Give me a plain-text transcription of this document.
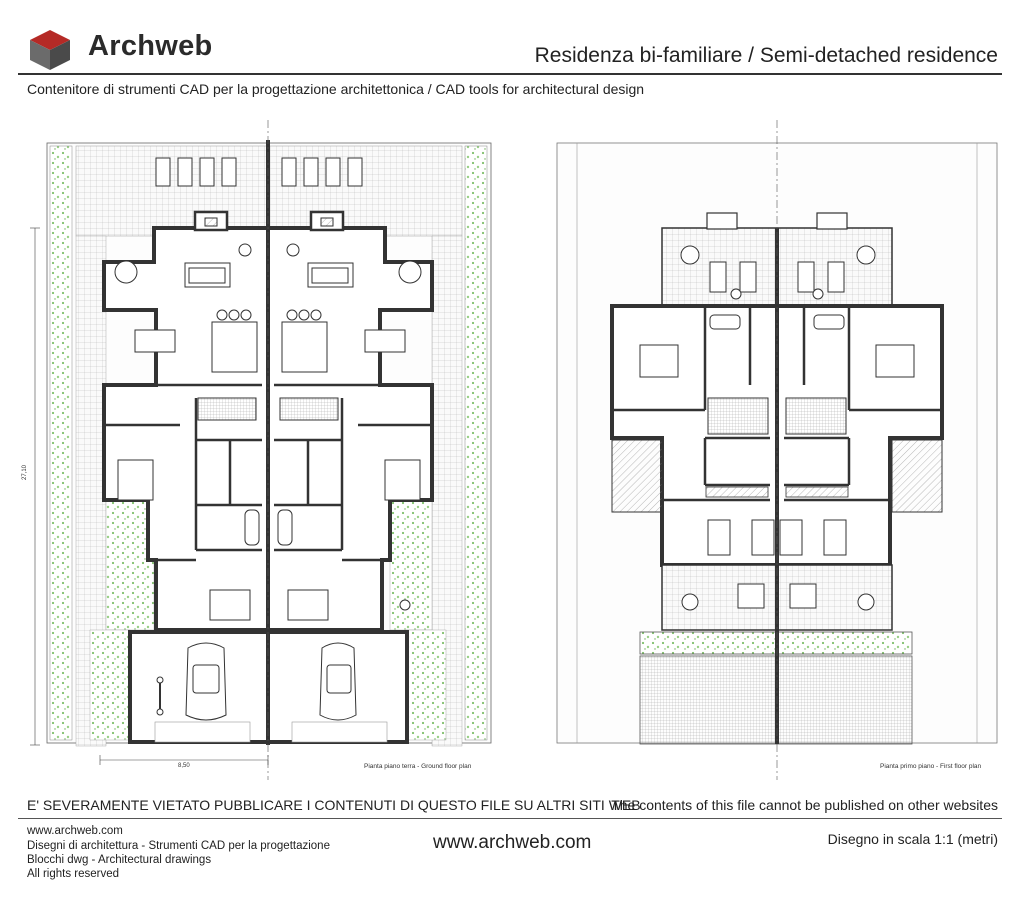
Archweb	Residenza bi-familiare / Semi-detached residence
Contenitore di strumenti CAD per la progettazione architettonica / CAD tools for architectural design
27,10
8,50	Pianta piano terra - Ground floor plan	Pianta primo piano - First floor plan
E' SEVERAMENTE VIETATO PUBBLICARE I CONTENUTI DI QUESTO FILE SU ALTRI SITI WEB
The contents of this file cannot be published on other websites
www.archweb.com
Disegni di architettura - Strumenti CAD per la progettazione
Blocchi dwg - Architectural drawings
All rights reserved
www.archweb.com	Disegno in scala 1:1 (metri)
